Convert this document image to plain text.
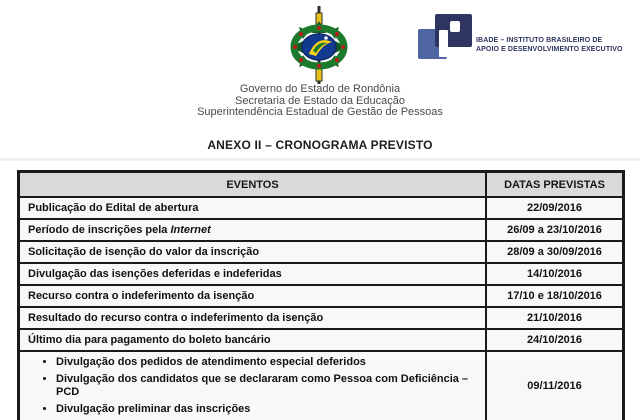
IBADE – INSTITUTO BRASILEIRO DE
APOIO E DESENVOLVIMENTO EXECUTIVO
Governo do Estado de Rondônia
Secretaria de Estado da Educação
Superintendência Estadual de Gestão de Pessoas
ANEXO II – CRONOGRAMA PREVISTO
EVENTOS	DATAS PREVISTAS
Publicação do Edital de abertura	22/09/2016
Período de inscrições pela Internet	26/09 a 23/10/2016
Solicitação de isenção do valor da inscrição	28/09 a 30/09/2016
Divulgação das isenções deferidas e indeferidas	14/10/2016
Recurso contra o indeferimento da isenção	17/10 e 18/10/2016
Resultado do recurso contra o indeferimento da isenção	21/10/2016
Último dia para pagamento do boleto bancário	24/10/2016

• Divulgação dos pedidos de atendimento especial deferidos
• Divulgação dos candidatos que se declararam como Pessoa com Deficiência – PCD
• Divulgação preliminar das inscrições
	09/11/2016
